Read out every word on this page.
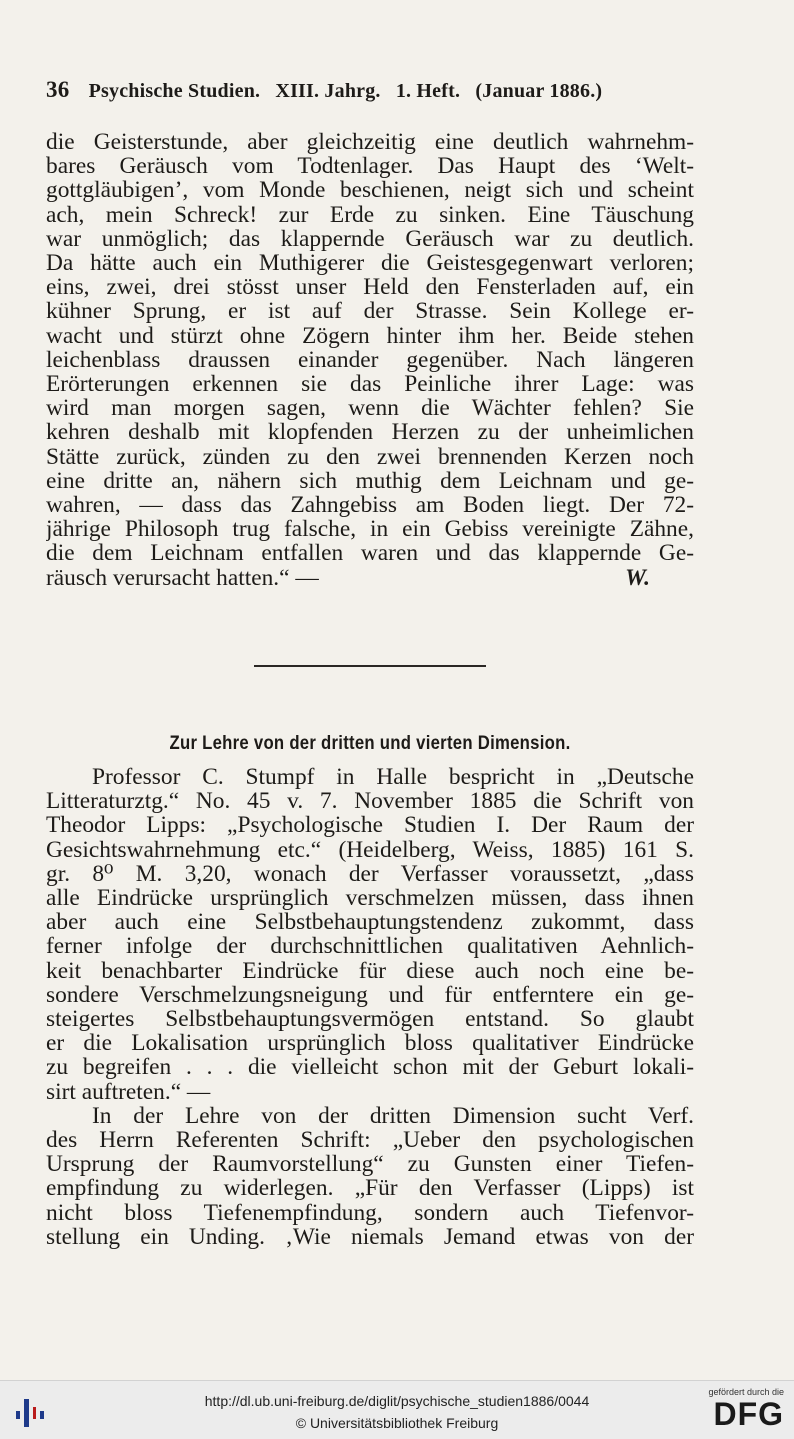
36 Psychische Studien. XIII. Jahrg. 1. Heft. (Januar 1886.)
die Geisterstunde, aber gleichzeitig eine deutlich wahrnehm-
bares Geräusch vom Todtenlager. Das Haupt des ‘Welt-
gottgläubigen’, vom Monde beschienen, neigt sich und scheint
ach, mein Schreck! zur Erde zu sinken. Eine Täuschung
war unmöglich; das klappernde Geräusch war zu deutlich.
Da hätte auch ein Muthigerer die Geistesgegenwart verloren;
eins, zwei, drei stösst unser Held den Fensterladen auf, ein
kühner Sprung, er ist auf der Strasse. Sein Kollege er-
wacht und stürzt ohne Zögern hinter ihm her. Beide stehen
leichenblass draussen einander gegenüber. Nach längeren
Erörterungen erkennen sie das Peinliche ihrer Lage: was
wird man morgen sagen, wenn die Wächter fehlen? Sie
kehren deshalb mit klopfenden Herzen zu der unheimlichen
Stätte zurück, zünden zu den zwei brennenden Kerzen noch
eine dritte an, nähern sich muthig dem Leichnam und ge-
wahren, — dass das Zahngebiss am Boden liegt. Der 72-
jährige Philosoph trug falsche, in ein Gebiss vereinigte Zähne,
die dem Leichnam entfallen waren und das klappernde Ge-
räusch verursacht hatten.“ —	W.
Zur Lehre von der dritten und vierten Dimension.
Professor C. Stumpf in Halle bespricht in „Deutsche
Litteraturztg.“ No. 45 v. 7. November 1885 die Schrift von
Theodor Lipps: „Psychologische Studien I. Der Raum der
Gesichtswahrnehmung etc.“ (Heidelberg, Weiss, 1885) 161 S.
gr. 8⁰ M. 3,20, wonach der Verfasser voraussetzt, „dass
alle Eindrücke ursprünglich verschmelzen müssen, dass ihnen
aber auch eine Selbstbehauptungstendenz zukommt, dass
ferner infolge der durchschnittlichen qualitativen Aehnlich-
keit benachbarter Eindrücke für diese auch noch eine be-
sondere Verschmelzungsneigung und für entferntere ein ge-
steigertes Selbstbehauptungsvermögen entstand. So glaubt
er die Lokalisation ursprünglich bloss qualitativer Eindrücke
zu begreifen . . . die vielleicht schon mit der Geburt lokali-
sirt auftreten.“ —
In der Lehre von der dritten Dimension sucht Verf.
des Herrn Referenten Schrift: „Ueber den psychologischen
Ursprung der Raumvorstellung“ zu Gunsten einer Tiefen-
empfindung zu widerlegen. „Für den Verfasser (Lipps) ist
nicht bloss Tiefenempfindung, sondern auch Tiefenvor-
stellung ein Unding. ‚Wie niemals Jemand etwas von der
http://dl.ub.uni-freiburg.de/diglit/psychische_studien1886/0044
© Universitätsbibliothek Freiburg
gefördert durch die
DFG
